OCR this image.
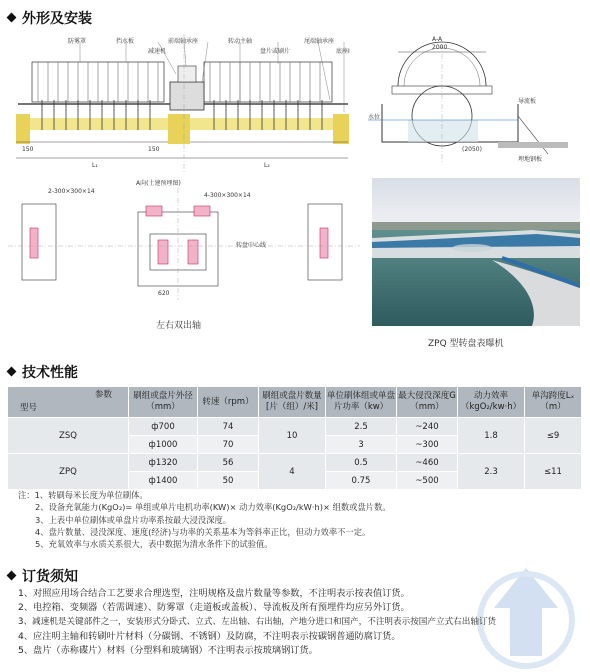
外形及安装
防雾罩	挡水板
减速机
前端轴承座	转动主轴
盘片或刷片
尾端轴承座
底座I
150	150
L₁	L₂
A-A
2000
水位
导流板
埋地钢板
(2050)
A向(土建预埋图)
转盘中心线
2-300×300×14
4-300×300×14
620
左右双出轴
ZPQ 型转盘表曝机
技术性能
参数
型号	刷组或盘片外径（mm）	转速（rpm）	刷组或盘片数量[片（组）/米]	单位刷体组或单盘片功率（kw）	最大侵没深度G（mm）	动力效率（kgO₂/kw·h）	单沟跨度Lₓ（m）
ZSQ	ф700	74	10	2.5	~240	1.8	≤9
	ф1000	70		3	~300		
ZPQ	ф1320	56	4	0.5	~460	2.3	≤11
	ф1400	50		0.75	~500		
注：1、转刷每米长度为单位刷体。
2、设备充氧能力(KgO₂)= 单组或单片电机功率(KW)× 动力效率(KgO₂/kW·h)× 组数或盘片数。
3、上表中单位刷体或单盘片功率系按最大浸没深度。
4、盘片数量、浸没深度、速度(经济)与功率的关系基本为等斜率正比，但动力效率不一定。
5、充氧效率与水质关系很大，表中数据为清水条件下的试验值。
订货须知
1、对照应用场合结合工艺要求合理选型，注明规格及盘片数量等参数，不注明表示按表值订货。
2、电控箱、变频器（若需调速）、防雾罩（走道板或盖板）、导流板及所有预埋件均应另外订货。
3、减速机是关键部件之一，安装形式分卧式、立式、左出轴、右出轴，产地分进口和国产，不注明表示按国产立式右出轴订货
4、应注明主轴和转刷叶片材料（分碳钢、不锈钢）及防腐，不注明表示按碳钢普通防腐订货。
5、盘片（赤称碟片）材料（分塑料和玻璃钢）不注明表示按玻璃钢订货。
